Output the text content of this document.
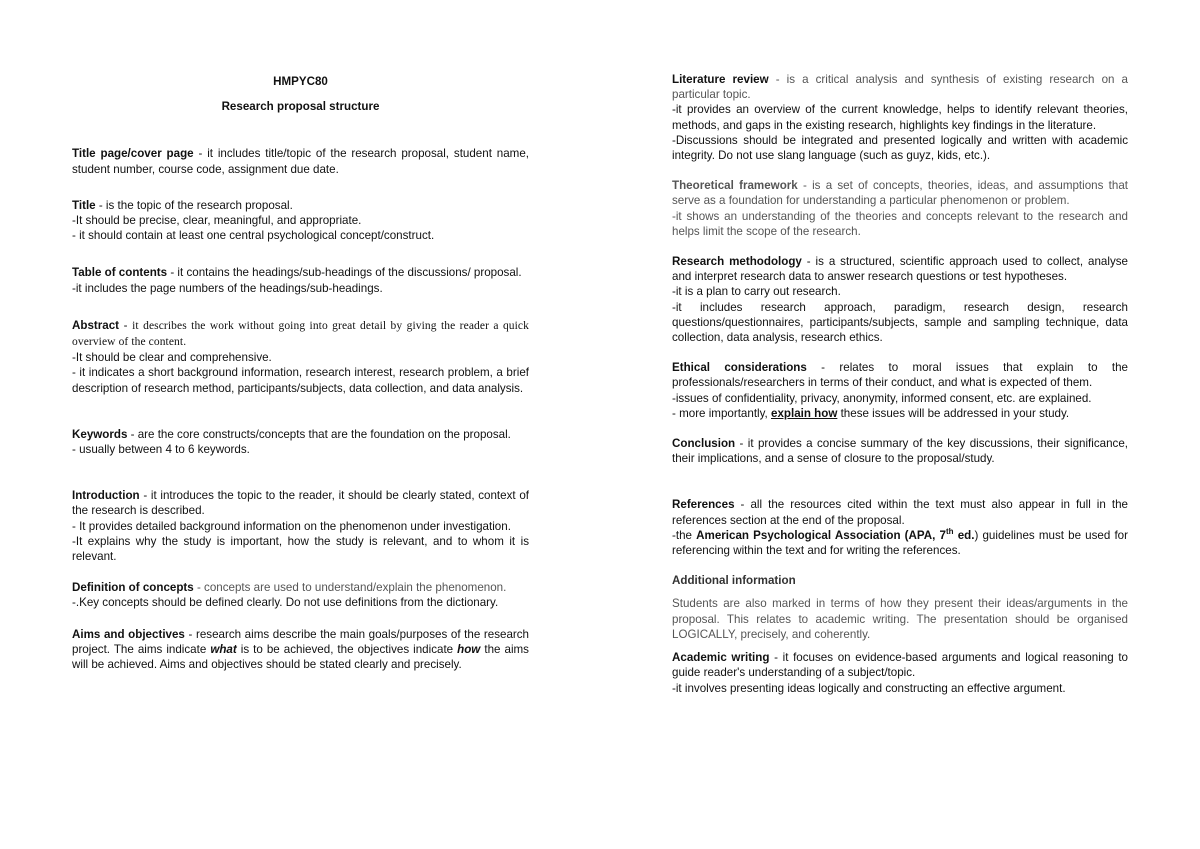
HMPYC80
Research proposal structure

Title page/cover page - it includes title/topic of the research proposal, student name, student number, course code, assignment due date.

Title - is the topic of the research proposal.

-It should be precise, clear, meaningful, and appropriate.

- it should contain at least one central psychological concept/construct.

Table of contents - it contains the headings/sub-headings of the discussions/ proposal.

-it includes the page numbers of the headings/sub-headings.

Abstract - it describes the work without going into great detail by giving the reader a quick overview of the content.

-It should be clear and comprehensive.

- it indicates a short background information, research interest, research problem, a brief description of research method, participants/subjects, data collection, and data analysis.

Keywords - are the core constructs/concepts that are the foundation on the proposal.

- usually between 4 to 6 keywords.

Introduction - it introduces the topic to the reader, it should be clearly stated, context of the research is described.

- It provides detailed background information on the phenomenon under investigation.

-It explains why the study is important, how the study is relevant, and to whom it is relevant.

Definition of concepts - concepts are used to understand/explain the phenomenon.

-.Key concepts should be defined clearly. Do not use definitions from the dictionary.

Aims and objectives - research aims describe the main goals/purposes of the research project. The aims indicate what is to be achieved, the objectives indicate how the aims will be achieved. Aims and objectives should be stated clearly and precisely.

Literature review - is a critical analysis and synthesis of existing research on a particular topic.

-it provides an overview of the current knowledge, helps to identify relevant theories, methods, and gaps in the existing research, highlights key findings in the literature.

-Discussions should be integrated and presented logically and written with academic integrity. Do not use slang language (such as guyz, kids, etc.).

Theoretical framework - is a set of concepts, theories, ideas, and assumptions that serve as a foundation for understanding a particular phenomenon or problem.

-it shows an understanding of the theories and concepts relevant to the research and helps limit the scope of the research.

Research methodology - is a structured, scientific approach used to collect, analyse and interpret research data to answer research questions or test hypotheses.

-it is a plan to carry out research.

-it includes research approach, paradigm, research design, research questions/questionnaires, participants/subjects, sample and sampling technique, data collection, data analysis, research ethics.

Ethical considerations - relates to moral issues that explain to the professionals/researchers in terms of their conduct, and what is expected of them.

-issues of confidentiality, privacy, anonymity, informed consent, etc. are explained.

- more importantly, explain how these issues will be addressed in your study.

Conclusion - it provides a concise summary of the key discussions, their significance, their implications, and a sense of closure to the proposal/study.

References - all the resources cited within the text must also appear in full in the references section at the end of the proposal.

-the American Psychological Association (APA, 7th ed.) guidelines must be used for referencing within the text and for writing the references.

Additional information

Students are also marked in terms of how they present their ideas/arguments in the proposal. This relates to academic writing. The presentation should be organised LOGICALLY, precisely, and coherently.

Academic writing - it focuses on evidence-based arguments and logical reasoning to guide reader's understanding of a subject/topic.

-it involves presenting ideas logically and constructing an effective argument.
